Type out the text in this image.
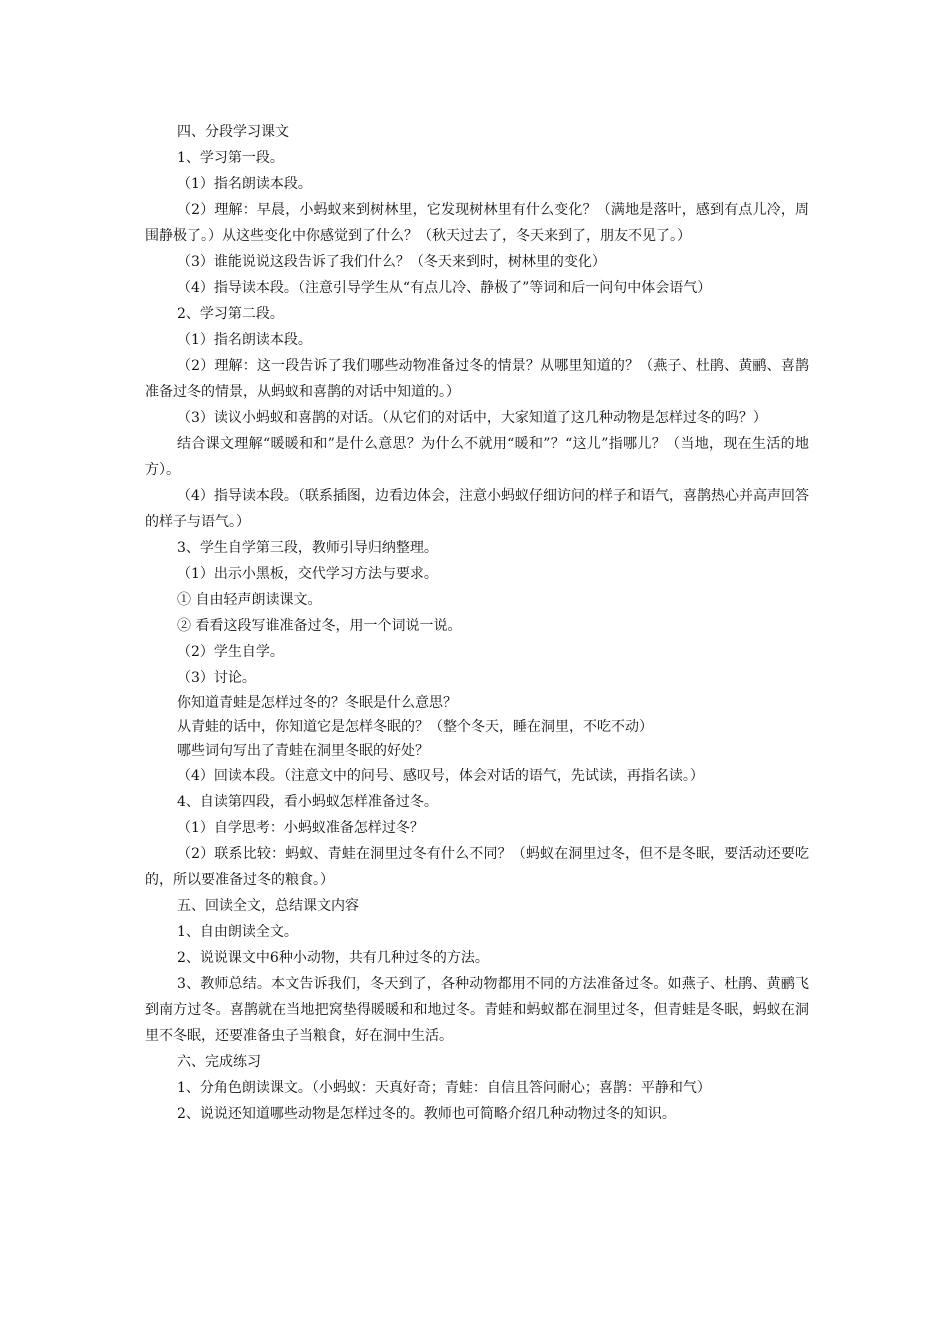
四、分段学习课文

1、学习第一段。

（1）指名朗读本段。

（2）理解：早晨，小蚂蚁来到树林里，它发现树林里有什么变化？（满地是落叶，感到有点儿冷，周围静极了。）从这些变化中你感觉到了什么？（秋天过去了，冬天来到了，朋友不见了。）

（3）谁能说说这段告诉了我们什么？（冬天来到时，树林里的变化）

（4）指导读本段。（注意引导学生从“有点儿冷、静极了”等词和后一问句中体会语气）

2、学习第二段。

（1）指名朗读本段。

（2）理解：这一段告诉了我们哪些动物准备过冬的情景？从哪里知道的？（燕子、杜鹃、黄鹂、喜鹊准备过冬的情景，从蚂蚁和喜鹊的对话中知道的。）

（3）读议小蚂蚁和喜鹊的对话。（从它们的对话中，大家知道了这几种动物是怎样过冬的吗？）

结合课文理解“暖暖和和”是什么意思？为什么不就用“暖和”？“这儿”指哪儿？（当地，现在生活的地方）。

（4）指导读本段。（联系插图，边看边体会，注意小蚂蚁仔细访问的样子和语气，喜鹊热心并高声回答的样子与语气。）

3、学生自学第三段，教师引导归纳整理。

（1）出示小黑板，交代学习方法与要求。

① 自由轻声朗读课文。

② 看看这段写谁准备过冬，用一个词说一说。

（2）学生自学。

（3）讨论。

你知道青蛙是怎样过冬的？冬眠是什么意思？

从青蛙的话中，你知道它是怎样冬眠的？（整个冬天，睡在洞里，不吃不动）

哪些词句写出了青蛙在洞里冬眠的好处？

（4）回读本段。（注意文中的问号、感叹号，体会对话的语气，先试读，再指名读。）

4、自读第四段，看小蚂蚁怎样准备过冬。

（1）自学思考：小蚂蚁准备怎样过冬？

（2）联系比较：蚂蚁、青蛙在洞里过冬有什么不同？（蚂蚁在洞里过冬，但不是冬眠，要活动还要吃的，所以要准备过冬的粮食。）

五、回读全文，总结课文内容

1、自由朗读全文。

2、说说课文中6种小动物，共有几种过冬的方法。

3、教师总结。本文告诉我们，冬天到了，各种动物都用不同的方法准备过冬。如燕子、杜鹃、黄鹂飞到南方过冬。喜鹊就在当地把窝垫得暖暖和和地过冬。青蛙和蚂蚁都在洞里过冬，但青蛙是冬眠，蚂蚁在洞里不冬眠，还要准备虫子当粮食，好在洞中生活。

六、完成练习

1、分角色朗读课文。（小蚂蚁：天真好奇；青蛙：自信且答问耐心；喜鹊：平静和气）

2、说说还知道哪些动物是怎样过冬的。教师也可简略介绍几种动物过冬的知识。
